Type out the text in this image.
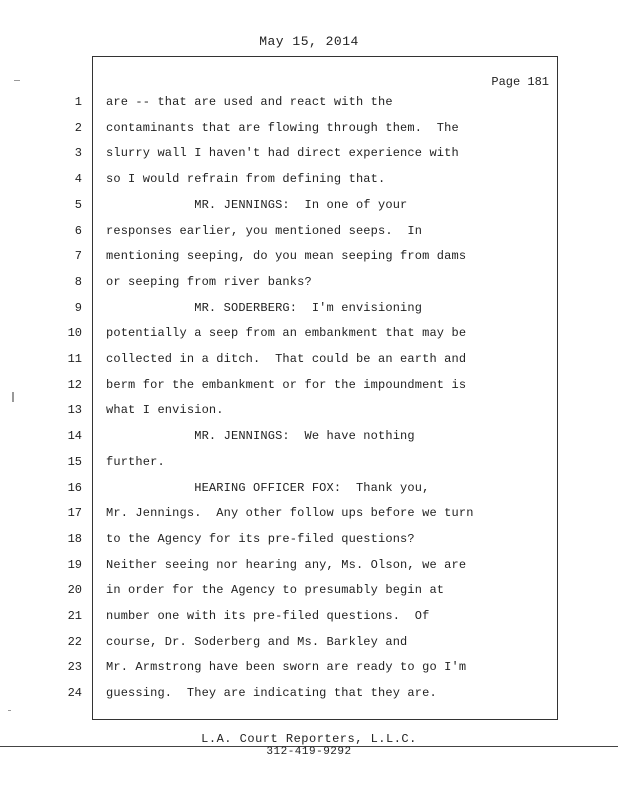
May 15, 2014
Page 181
1 are -- that are used and react with the
2 contaminants that are flowing through them.  The
3 slurry wall I haven't had direct experience with
4 so I would refrain from defining that.
5 MR. JENNINGS:  In one of your
6 responses earlier, you mentioned seeps.  In
7 mentioning seeping, do you mean seeping from dams
8 or seeping from river banks?
9 MR. SODERBERG:  I'm envisioning
10 potentially a seep from an embankment that may be
11 collected in a ditch.  That could be an earth and
12 berm for the embankment or for the impoundment is
13 what I envision.
14 MR. JENNINGS:  We have nothing
15 further.
16 HEARING OFFICER FOX:  Thank you,
17 Mr. Jennings.  Any other follow ups before we turn
18 to the Agency for its pre-filed questions?
19 Neither seeing nor hearing any, Ms. Olson, we are
20 in order for the Agency to presumably begin at
21 number one with its pre-filed questions.  Of
22 course, Dr. Soderberg and Ms. Barkley and
23 Mr. Armstrong have been sworn are ready to go I'm
24 guessing.  They are indicating that they are.
L.A. Court Reporters, L.L.C.
312-419-9292
